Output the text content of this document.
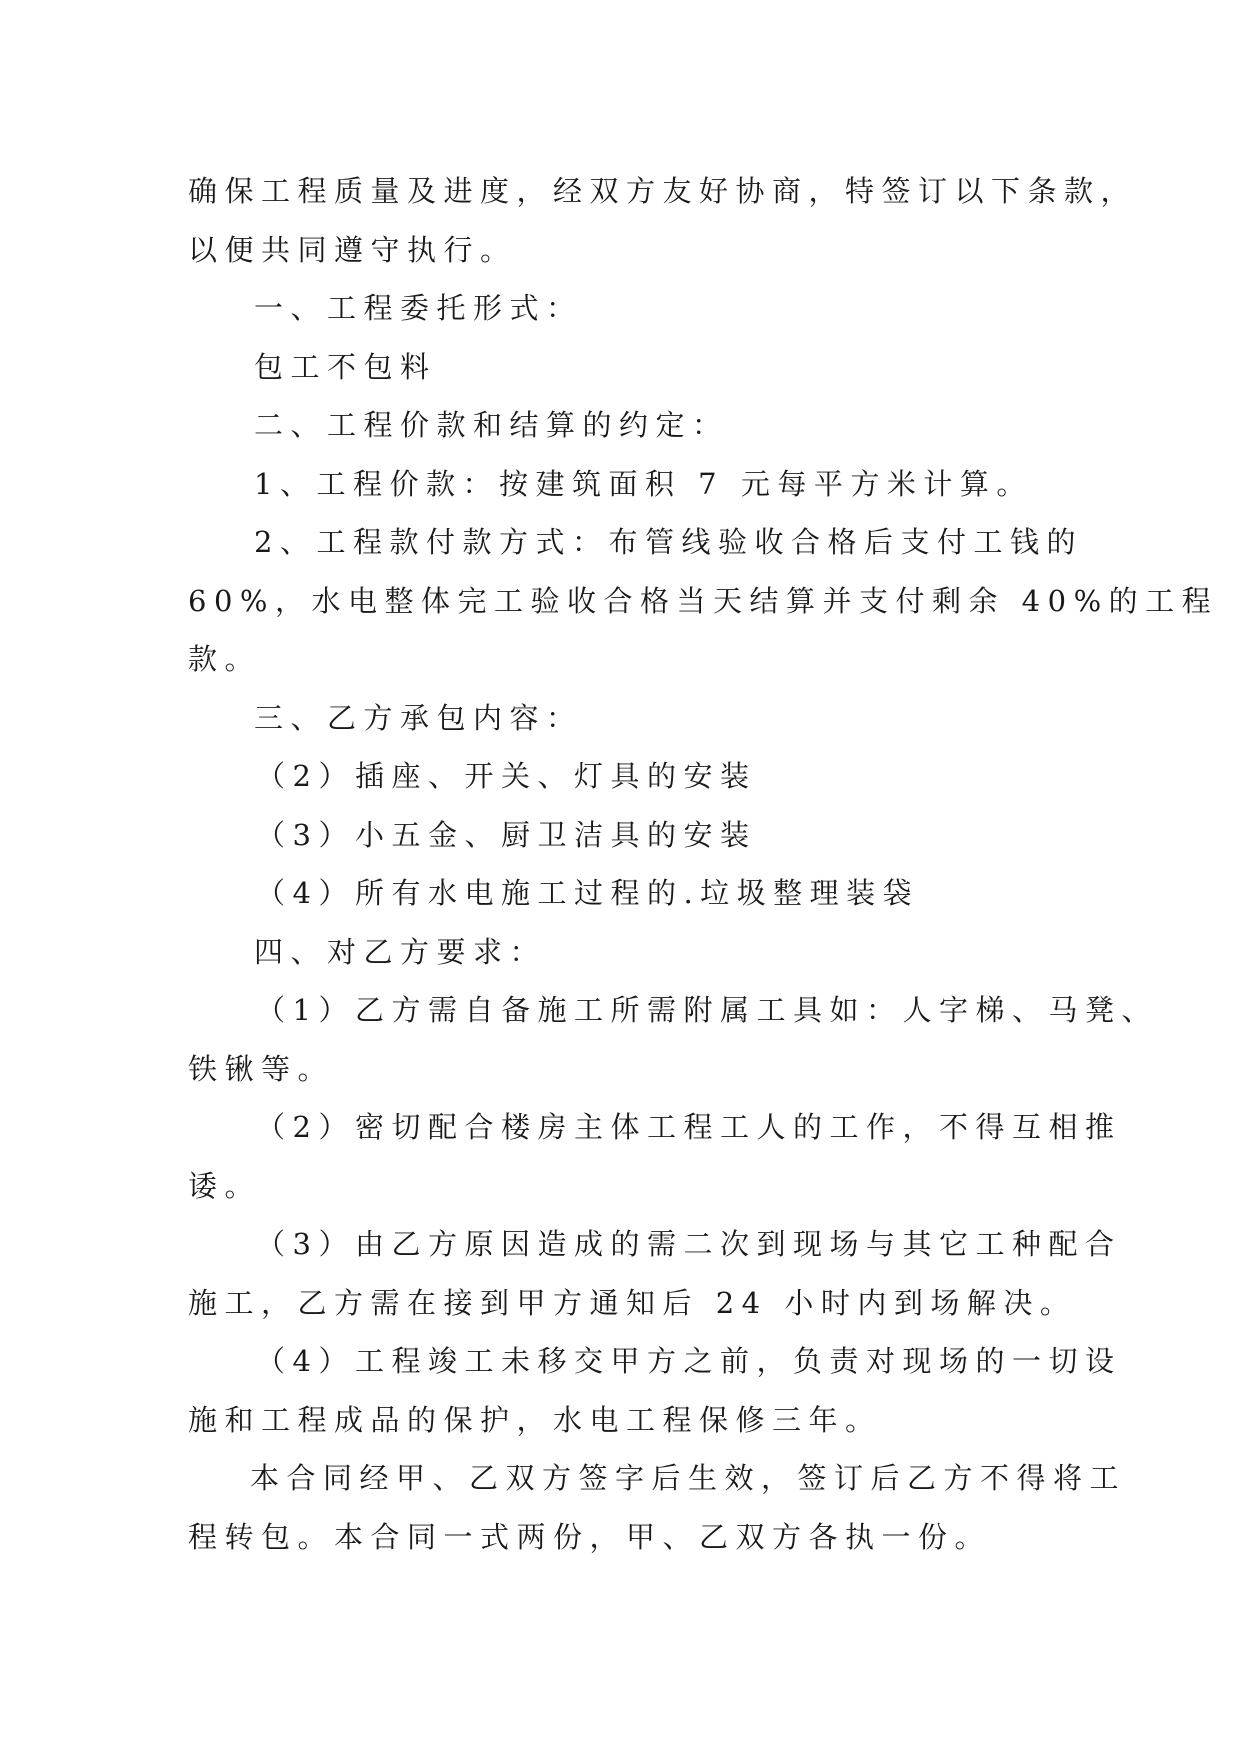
确保工程质量及进度，经双方友好协商，特签订以下条款，

以便共同遵守执行。

一、工程委托形式：

包工不包料

二、工程价款和结算的约定：

1、工程价款：按建筑面积 7 元每平方米计算。

2、工程款付款方式：布管线验收合格后支付工钱的

60%，水电整体完工验收合格当天结算并支付剩余 40%的工程

款。

三、乙方承包内容：

（2）插座、开关、灯具的安装

（3）小五金、厨卫洁具的安装

（4）所有水电施工过程的.垃圾整理装袋

四、对乙方要求：

（1）乙方需自备施工所需附属工具如：人字梯、马凳、

铁锹等。

（2）密切配合楼房主体工程工人的工作，不得互相推

诿。

（3）由乙方原因造成的需二次到现场与其它工种配合

施工，乙方需在接到甲方通知后 24 小时内到场解决。

（4）工程竣工未移交甲方之前，负责对现场的一切设

施和工程成品的保护，水电工程保修三年。

本合同经甲、乙双方签字后生效，签订后乙方不得将工

程转包。本合同一式两份，甲、乙双方各执一份。
